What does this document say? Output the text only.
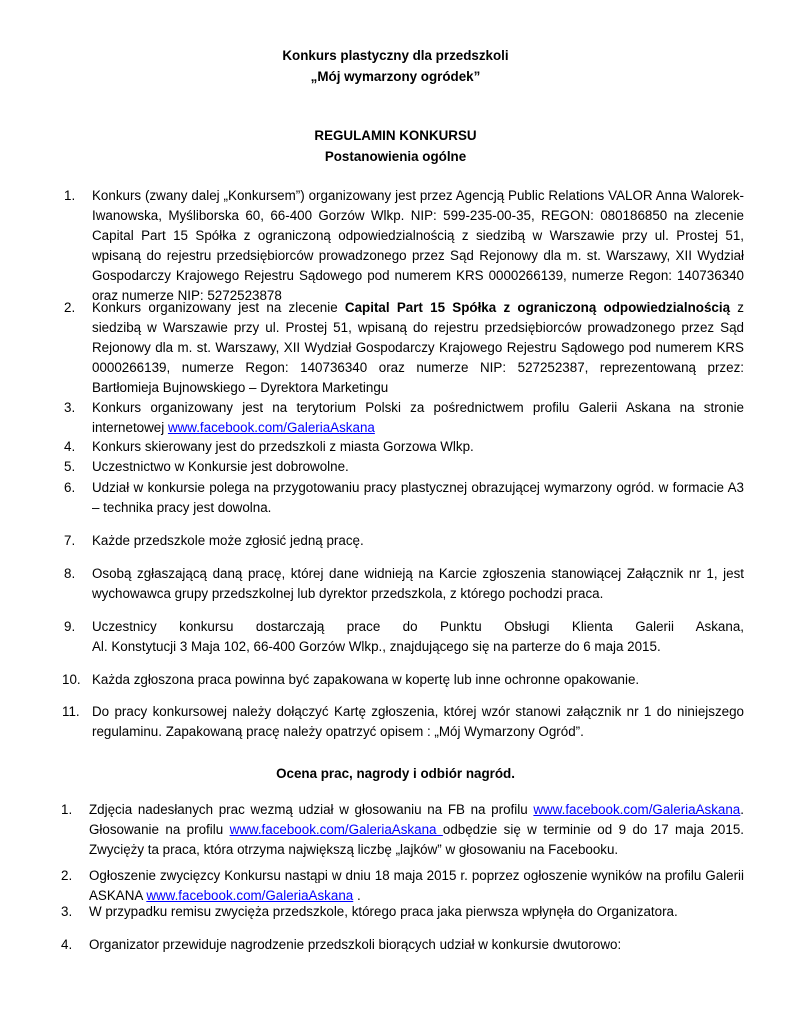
Konkurs plastyczny dla przedszkoli
„Mój wymarzony ogródek”
REGULAMIN KONKURSU
Postanowienia ogólne
1.	Konkurs (zwany dalej „Konkursem”) organizowany jest przez Agencją Public Relations VALOR Anna Walorek-Iwanowska, Myśliborska 60, 66-400 Gorzów Wlkp. NIP: 599-235-00-35, REGON: 080186850 na zlecenie Capital Part 15 Spółka z ograniczoną odpowiedzialnością z siedzibą w Warszawie przy ul. Prostej 51, wpisaną do rejestru przedsiębiorców prowadzonego przez Sąd Rejonowy dla m. st. Warszawy, XII Wydział Gospodarczy Krajowego Rejestru Sądowego pod numerem KRS 0000266139, numerze Regon: 140736340 oraz numerze NIP: 5272523878
2.	Konkurs organizowany jest na zlecenie Capital Part 15 Spółka z ograniczoną odpowiedzialnością z siedzibą w Warszawie przy ul. Prostej 51, wpisaną do rejestru przedsiębiorców prowadzonego przez Sąd Rejonowy dla m. st. Warszawy, XII Wydział Gospodarczy Krajowego Rejestru Sądowego pod numerem KRS 0000266139, numerze Regon: 140736340 oraz numerze NIP: 527252387, reprezentowaną przez: Bartłomieja Bujnowskiego – Dyrektora Marketingu
3.	Konkurs organizowany jest na terytorium Polski za pośrednictwem profilu Galerii Askana na stronie internetowej www.facebook.com/GaleriaAskana
4.	Konkurs skierowany jest do przedszkoli z miasta Gorzowa Wlkp.
5.	Uczestnictwo w Konkursie jest dobrowolne.
6.	Udział w konkursie polega na przygotowaniu pracy plastycznej obrazującej wymarzony ogród. w formacie A3 – technika pracy jest dowolna.
7.	Każde przedszkole może zgłosić jedną pracę.
8.	Osobą zgłaszającą daną pracę, której dane widnieją na Karcie zgłoszenia stanowiącej Załącznik nr 1, jest wychowawca grupy przedszkolnej lub dyrektor przedszkola, z którego pochodzi praca.
9.	Uczestnicy konkursu dostarczają prace do Punktu Obsługi Klienta Galerii Askana,
Al. Konstytucji 3 Maja 102, 66-400 Gorzów Wlkp., znajdującego się na parterze do 6 maja 2015.
10. Każda zgłoszona praca powinna być zapakowana w kopertę lub inne ochronne opakowanie.
11. Do pracy konkursowej należy dołączyć Kartę zgłoszenia, której wzór stanowi załącznik nr 1 do niniejszego regulaminu. Zapakowaną pracę należy opatrzyć opisem : „Mój Wymarzony Ogród”.
Ocena prac, nagrody i odbiór nagród.
1.	Zdjęcia nadesłanych prac wezmą udział w głosowaniu na FB na profilu www.facebook.com/GaleriaAskana. Głosowanie na profilu www.facebook.com/GaleriaAskana odbędzie się w terminie od 9 do 17 maja 2015. Zwycięży ta praca, która otrzyma największą liczbę „lajków” w głosowaniu na Facebooku.
2.	Ogłoszenie zwycięzcy Konkursu nastąpi w dniu 18 maja 2015 r. poprzez ogłoszenie wyników na profilu Galerii ASKANA www.facebook.com/GaleriaAskana .
3.	W przypadku remisu zwycięża przedszkole, którego praca jaka pierwsza wpłynęła do Organizatora.
4.	Organizator przewiduje nagrodzenie przedszkoli biorących udział w konkursie dwutorowo:
